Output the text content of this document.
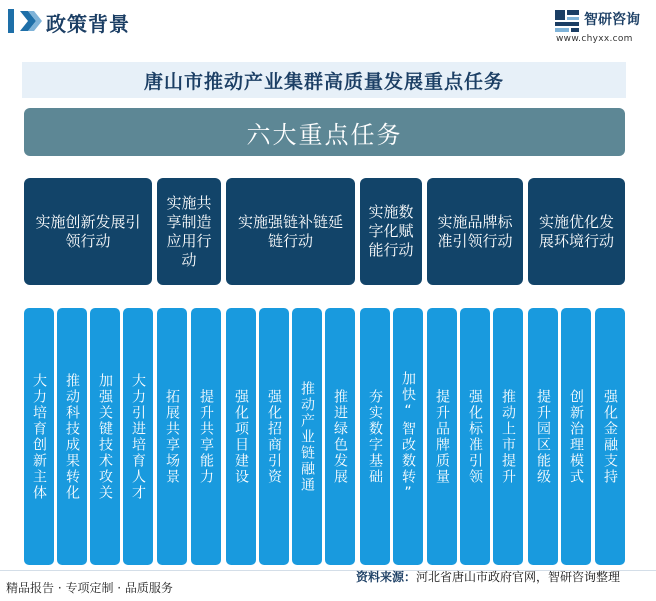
政策背景	智研咨询
www.chyxx.com
唐山市推动产业集群高质量发展重点任务
六大重点任务
实施创新发展引领行动
实施共享制造应用行动
实施强链补链延链行动
实施数字化赋能行动
实施品牌标准引领行动
实施优化发展环境行动
大力培育创新主体 推动科技成果转化 加强关键技术攻关 大力引进培育人才 拓展共享场景 提升共享能力 强化项目建设 强化招商引资 推动产业链融通 推进绿色发展 夯实数字基础 加快“智改数转” 提升品牌质量 强化标准引领 推动上市提升 提升园区能级 创新治理模式 强化金融支持
精品报告 · 专项定制 · 品质服务
资料来源：河北省唐山市政府官网，智研咨询整理
